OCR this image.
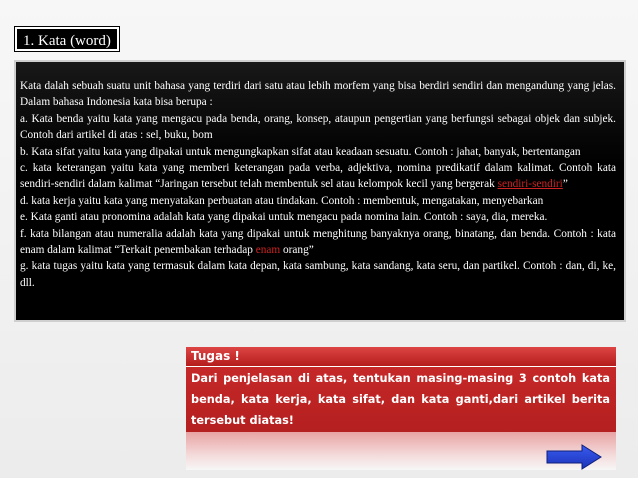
1. Kata (word)

Kata dalah sebuah suatu unit bahasa yang terdiri dari satu atau lebih morfem yang bisa berdiri sendiri dan mengandung yang jelas. Dalam bahasa Indonesia kata bisa berupa :

a. Kata benda yaitu kata yang mengacu pada benda, orang, konsep, ataupun pengertian yang berfungsi sebagai objek dan subjek. Contoh dari artikel di atas : sel, buku, bom

b. Kata sifat yaitu kata yang dipakai untuk mengungkapkan sifat atau keadaan sesuatu. Contoh : jahat, banyak, bertentangan

c. kata keterangan yaitu kata yang memberi keterangan pada verba, adjektiva, nomina predikatif dalam kalimat. Contoh kata sendiri-sendiri dalam kalimat “Jaringan tersebut telah membentuk sel atau kelompok kecil yang bergerak sendiri-sendiri”

d. kata kerja yaitu kata yang menyatakan perbuatan atau tindakan. Contoh : membentuk, mengatakan, menyebarkan

e. Kata ganti atau pronomina adalah kata yang dipakai untuk mengacu pada nomina lain. Contoh : saya, dia, mereka.

f. kata bilangan atau numeralia adalah kata yang dipakai untuk menghitung banyaknya orang, binatang, dan benda. Contoh : kata enam dalam kalimat “Terkait penembakan terhadap enam orang”

g. kata tugas yaitu kata yang termasuk dalam kata depan, kata sambung, kata sandang, kata seru, dan partikel. Contoh : dan, di, ke, dll.

Tugas !
Dari penjelasan di atas, tentukan masing-masing 3 contoh kata benda, kata kerja, kata sifat, dan kata ganti,dari artikel berita tersebut diatas!
